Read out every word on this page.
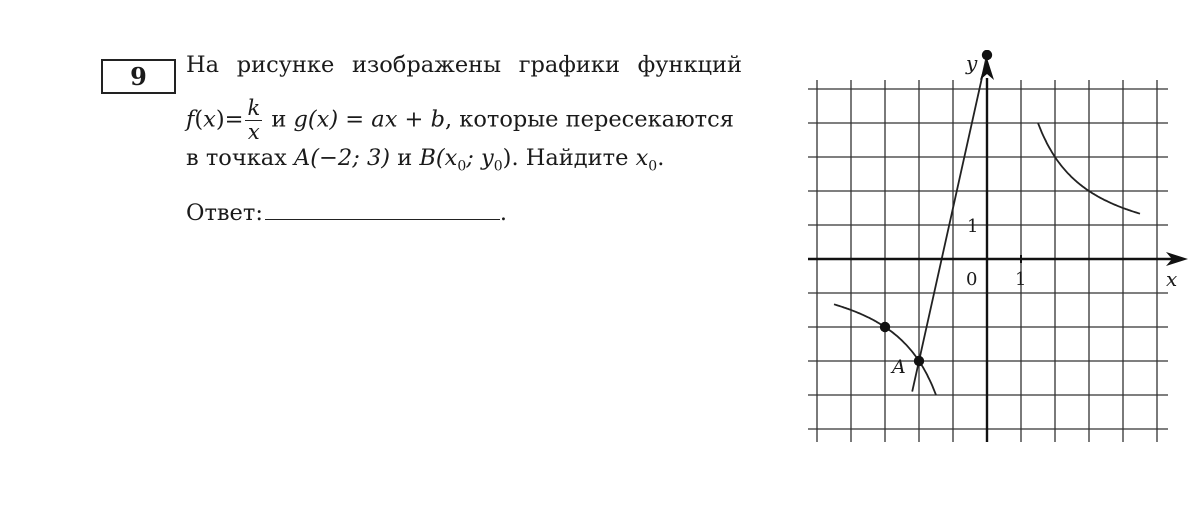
9 На рисунке изображены графики функций
$f(x)= \frac{k}{x}$ и g(x) = ax + b, которые пересекаются
в точках A(−2; 3) и $B(x_0$; $y_0$). Найдите $x_0$.
Ответ:	.
y
x
0 1
1
A
